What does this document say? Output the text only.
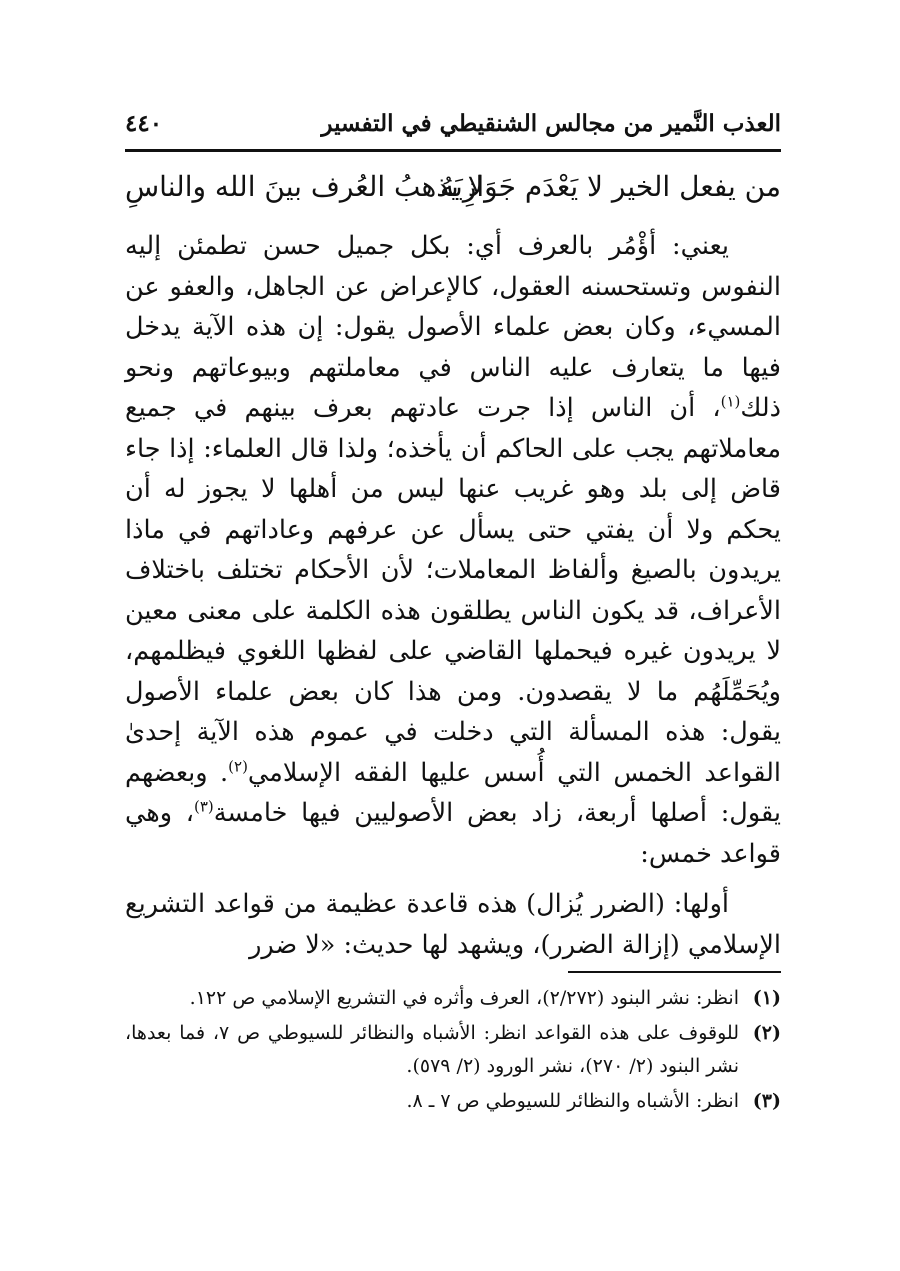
العذب النَّمير من مجالس الشنقيطي في التفسير
٤٤٠
من يفعل الخير لا يَعْدَم جَوَازِيَهُ
لا يذهبُ العُرف بينَ الله والناسِ

يعني: أؤْمُر بالعرف أي: بكل جميل حسن تطمئن إليه النفوس وتستحسنه العقول، كالإعراض عن الجاهل، والعفو عن المسيء، وكان بعض علماء الأصول يقول: إن هذه الآية يدخل فيها ما يتعارف عليه الناس في معاملتهم وبيوعاتهم ونحو ذلك$^{(١)}$، أن الناس إذا جرت عادتهم بعرف بينهم في جميع معاملاتهم يجب على الحاكم أن يأخذه؛ ولذا قال العلماء: إذا جاء قاض إلى بلد وهو غريب عنها ليس من أهلها لا يجوز له أن يحكم ولا أن يفتي حتى يسأل عن عرفهم وعاداتهم في ماذا يريدون بالصيغ وألفاظ المعاملات؛ لأن الأحكام تختلف باختلاف الأعراف، قد يكون الناس يطلقون هذه الكلمة على معنى معين لا يريدون غيره فيحملها القاضي على لفظها اللغوي فيظلمهم، ويُحَمِّلَهُم ما لا يقصدون. ومن هذا كان بعض علماء الأصول يقول: هذه المسألة التي دخلت في عموم هذه الآية إحدىٰ القواعد الخمس التي أُسس عليها الفقه الإسلامي$^{(٢)}$. وبعضهم يقول: أصلها أربعة، زاد بعض الأصوليين فيها خامسة$^{(٣)}$، وهي قواعد خمس:

أولها: (الضرر يُزال) هذه قاعدة عظيمة من قواعد التشريع الإسلامي (إزالة الضرر)، ويشهد لها حديث: «لا ضرر

(١)
انظر: نشر البنود (٢/٢٧٢)، العرف وأثره في التشريع الإسلامي ص ١٢٢.
(٢)
للوقوف على هذه القواعد انظر: الأشباه والنظائر للسيوطي ص ٧، فما بعدها، نشر البنود (٢/ ٢٧٠)، نشر الورود (٢/ ٥٧٩).
(٣)
انظر: الأشباه والنظائر للسيوطي ص ٧ ـ ٨.
